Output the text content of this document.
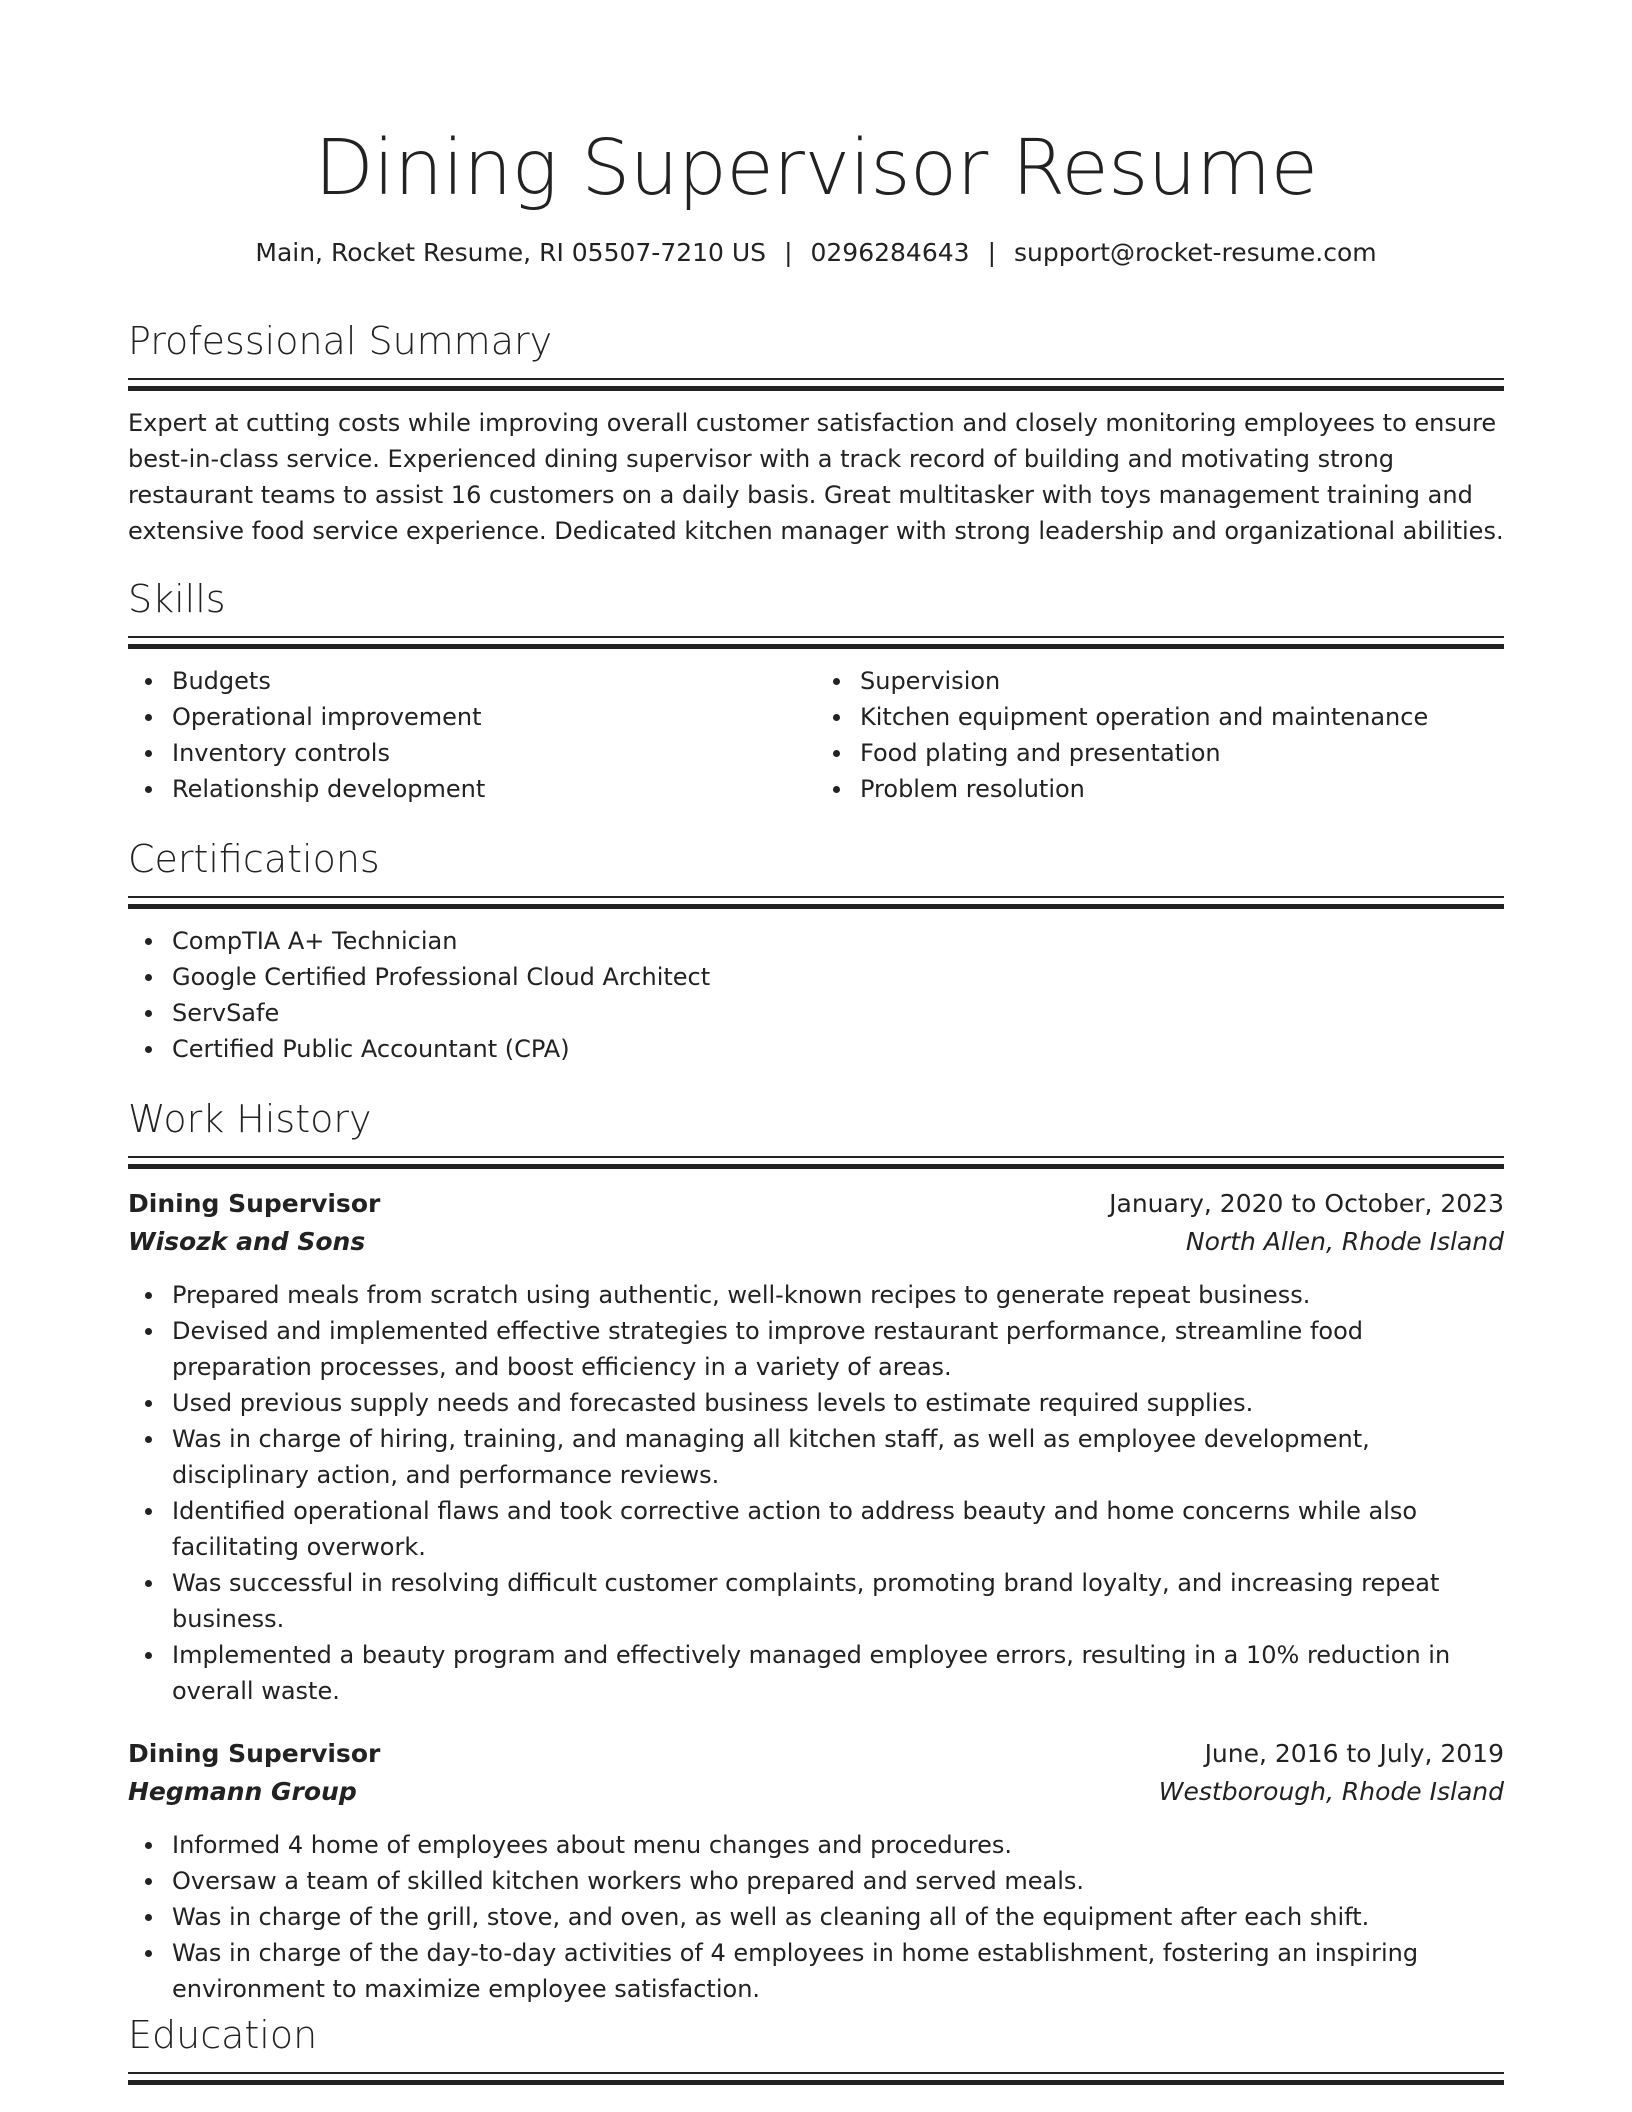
Dining Supervisor Resume
Main, Rocket Resume, RI 05507-7210 US | 0296284643 | support@rocket-resume.com
Professional Summary

Expert at cutting costs while improving overall customer satisfaction and closely monitoring employees to ensure best-in-class service. Experienced dining supervisor with a track record of building and motivating strong restaurant teams to assist 16 customers on a daily basis. Great multitasker with toys management training and extensive food service experience. Dedicated kitchen manager with strong leadership and organizational abilities.

Skills
Budgets
Operational improvement
Inventory controls
Relationship development
Supervision
Kitchen equipment operation and maintenance
Food plating and presentation
Problem resolution
Certifications
CompTIA A+ Technician
Google Certified Professional Cloud Architect
ServSafe
Certified Public Accountant (CPA)
Work History
Dining Supervisor	January, 2020 to October, 2023
Wisozk and Sons	North Allen, Rhode Island
Prepared meals from scratch using authentic, well-known recipes to generate repeat business.
Devised and implemented effective strategies to improve restaurant performance, streamline food preparation processes, and boost efficiency in a variety of areas.
Used previous supply needs and forecasted business levels to estimate required supplies.
Was in charge of hiring, training, and managing all kitchen staff, as well as employee development, disciplinary action, and performance reviews.
Identified operational flaws and took corrective action to address beauty and home concerns while also facilitating overwork.
Was successful in resolving difficult customer complaints, promoting brand loyalty, and increasing repeat business.
Implemented a beauty program and effectively managed employee errors, resulting in a 10% reduction in overall waste.
Dining Supervisor	June, 2016 to July, 2019
Hegmann Group	Westborough, Rhode Island
Informed 4 home of employees about menu changes and procedures.
Oversaw a team of skilled kitchen workers who prepared and served meals.
Was in charge of the grill, stove, and oven, as well as cleaning all of the equipment after each shift.
Was in charge of the day-to-day activities of 4 employees in home establishment, fostering an inspiring environment to maximize employee satisfaction.
Education
